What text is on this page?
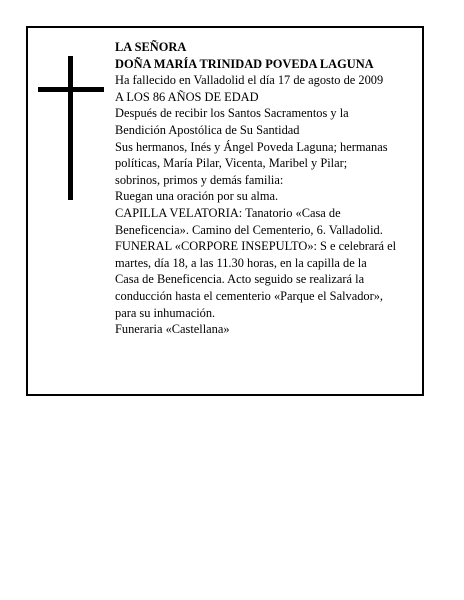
LA SEÑORA
DOÑA MARÍA TRINIDAD POVEDA LAGUNA
Ha fallecido en Valladolid el día 17 de agosto de 2009
A LOS 86 AÑOS DE EDAD
Después de recibir los Santos Sacramentos y la
Bendición Apostólica de Su Santidad
Sus hermanos, Inés y Ángel Poveda Laguna; hermanas
políticas, María Pilar, Vicenta, Maribel y Pilar;
sobrinos, primos y demás familia:
Ruegan una oración por su alma.
CAPILLA VELATORIA: Tanatorio «Casa de
Beneficencia». Camino del Cementerio, 6. Valladolid.
FUNERAL «CORPORE INSEPULTO»: S e celebrará el
martes, día 18, a las 11.30 horas, en la capilla de la
Casa de Beneficencia. Acto seguido se realizará la
conducción hasta el cementerio «Parque el Salvador»,
para su inhumación.
Funeraria «Castellana»
